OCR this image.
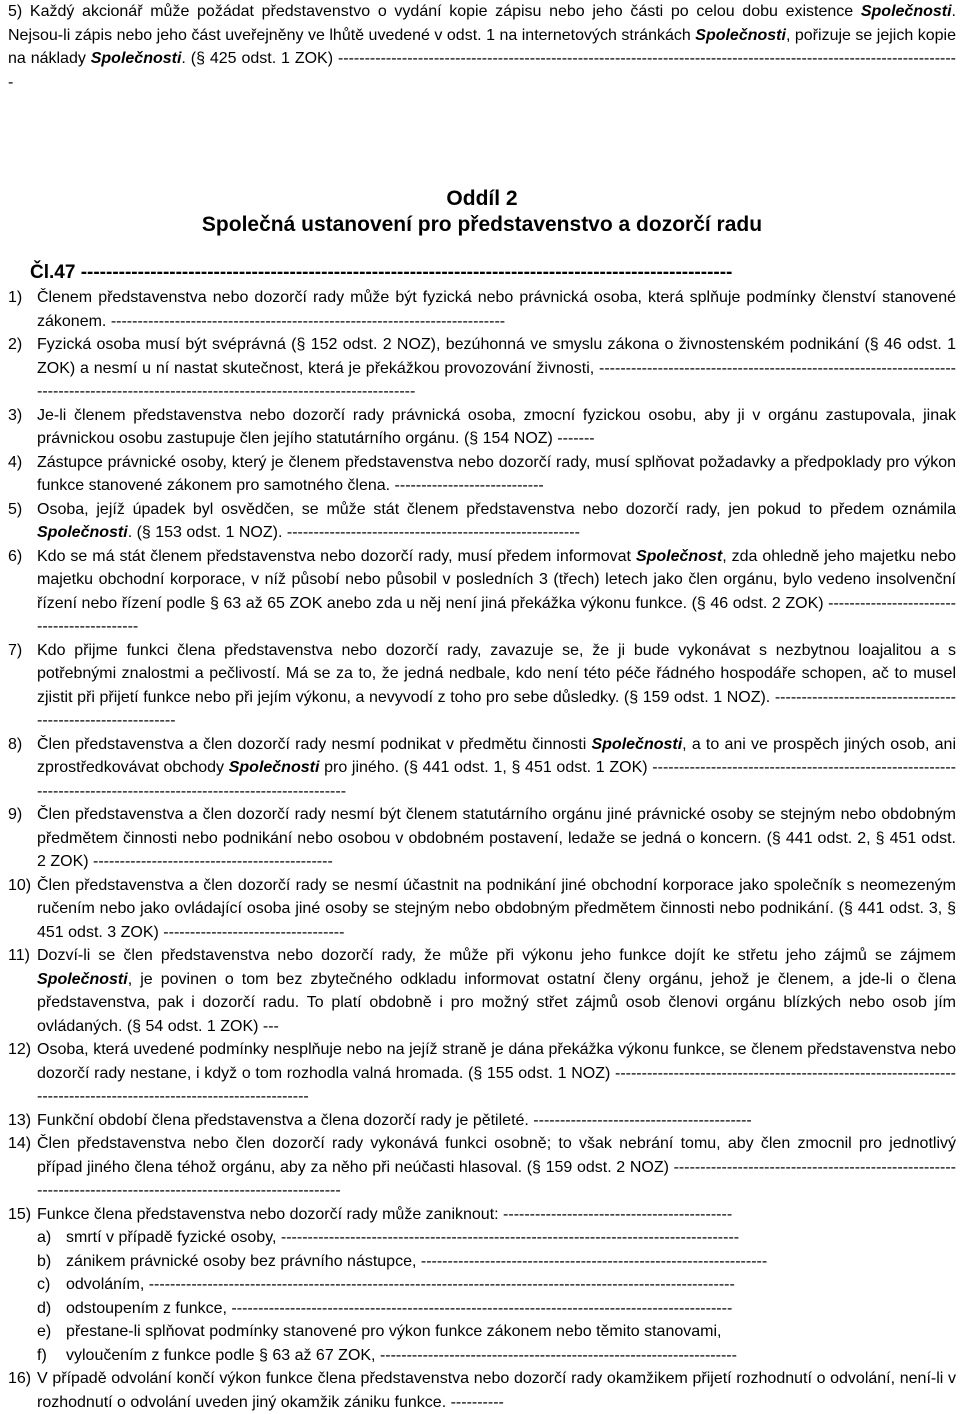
5) Každý akcionář může požádat představenstvo o vydání kopie zápisu nebo jeho části po celou dobu existence Společnosti. Nejsou-li zápis nebo jeho část uveřejněny ve lhůtě uvedené v odst. 1 na internetových stránkách Společnosti, pořizuje se jejich kopie na náklady Společnosti. (§ 425 odst. 1 ZOK) ---------------------------------------------------------------------------------------------------------------------

Oddíl 2
Společná ustanovení pro představenstvo a dozorčí radu
Čl.47 -------------------------------------------------------------------------------------------------------
1) Členem představenstva nebo dozorčí rady může být fyzická nebo právnická osoba, která splňuje podmínky členství stanovené zákonem. --------------------------------------------------------------------------
2) Fyzická osoba musí být svéprávná (§ 152 odst. 2 NOZ), bezúhonná ve smyslu zákona o živnostenském podnikání (§ 46 odst. 1 ZOK) a nesmí u ní nastat skutečnost, která je překážkou provozování živnosti, ------------------------------------------------------------------------------------------------------------------------------------------
3) Je-li členem představenstva nebo dozorčí rady právnická osoba, zmocní fyzickou osobu, aby ji v orgánu zastupovala, jinak právnickou osobu zastupuje člen jejího statutárního orgánu. (§ 154 NOZ) -------
4) Zástupce právnické osoby, který je členem představenstva nebo dozorčí rady, musí splňovat požadavky a předpoklady pro výkon funkce stanovené zákonem pro samotného člena. ----------------------------
5) Osoba, jejíž úpadek byl osvědčen, se může stát členem představenstva nebo dozorčí rady, jen pokud to předem oznámila Společnosti. (§ 153 odst. 1 NOZ). -------------------------------------------------------
6) Kdo se má stát členem představenstva nebo dozorčí rady, musí předem informovat Společnost, zda ohledně jeho majetku nebo majetku obchodní korporace, v níž působí nebo působil v posledních 3 (třech) letech jako člen orgánu, bylo vedeno insolvenční řízení nebo řízení podle § 63 až 65 ZOK anebo zda u něj není jiná překážka výkonu funkce. (§ 46 odst. 2 ZOK) -------------------------------------------
7) Kdo přijme funkci člena představenstva nebo dozorčí rady, zavazuje se, že ji bude vykonávat s nezbytnou loajalitou a s potřebnými znalostmi a pečlivostí. Má se za to, že jedná nedbale, kdo není této péče řádného hospodáře schopen, ač to musel zjistit při přijetí funkce nebo při jejím výkonu, a nevyvodí z toho pro sebe důsledky. (§ 159 odst. 1 NOZ). ------------------------------------------------------------
8) Člen představenstva a člen dozorčí rady nesmí podnikat v předmětu činnosti Společnosti, a to ani ve prospěch jiných osob, ani zprostředkovávat obchody Společnosti pro jiného. (§ 441 odst. 1, § 451 odst. 1 ZOK) -------------------------------------------------------------------------------------------------------------------
9) Člen představenstva a člen dozorčí rady nesmí být členem statutárního orgánu jiné právnické osoby se stejným nebo obdobným předmětem činnosti nebo podnikání nebo osobou v obdobném postavení, ledaže se jedná o koncern. (§ 441 odst. 2, § 451 odst. 2 ZOK) ---------------------------------------------
10) Člen představenstva a člen dozorčí rady se nesmí účastnit na podnikání jiné obchodní korporace jako společník s neomezeným ručením nebo jako ovládající osoba jiné osoby se stejným nebo obdobným předmětem činnosti nebo podnikání. (§ 441 odst. 3, § 451 odst. 3 ZOK) ----------------------------------
11) Dozví-li se člen představenstva nebo dozorčí rady, že může při výkonu jeho funkce dojít ke střetu jeho zájmů se zájmem Společnosti, je povinen o tom bez zbytečného odkladu informovat ostatní členy orgánu, jehož je členem, a jde-li o člena představenstva, pak i dozorčí radu. To platí obdobně i pro možný střet zájmů osob členovi orgánu blízkých nebo osob jím ovládaných. (§ 54 odst. 1 ZOK) ---
12) Osoba, která uvedené podmínky nesplňuje nebo na jejíž straně je dána překážka výkonu funkce, se členem představenstva nebo dozorčí rady nestane, i když o tom rozhodla valná hromada. (§ 155 odst. 1 NOZ) -------------------------------------------------------------------------------------------------------------------
13) Funkční období člena představenstva a člena dozorčí rady je pětileté. -----------------------------------------
14) Člen představenstva nebo člen dozorčí rady vykonává funkci osobně; to však nebrání tomu, aby člen zmocnil pro jednotlivý případ jiného člena téhož orgánu, aby za něho při neúčasti hlasoval. (§ 159 odst. 2 NOZ) --------------------------------------------------------------------------------------------------------------
15) Funkce člena představenstva nebo dozorčí rady může zaniknout: -------------------------------------------
a) smrtí v případě fyzické osoby, --------------------------------------------------------------------------------------
b) zánikem právnické osoby bez právního nástupce, -----------------------------------------------------------------
c) odvoláním, --------------------------------------------------------------------------------------------------------------
d) odstoupením z funkce, ----------------------------------------------------------------------------------------------
e) přestane-li splňovat podmínky stanovené pro výkon funkce zákonem nebo těmito stanovami,
f)	vyloučením z funkce podle § 63 až 67 ZOK, -------------------------------------------------------------------
16) V případě odvolání končí výkon funkce člena představenstva nebo dozorčí rady okamžikem přijetí rozhodnutí o odvolání, není-li v rozhodnutí o odvolání uveden jiný okamžik zániku funkce. ----------
